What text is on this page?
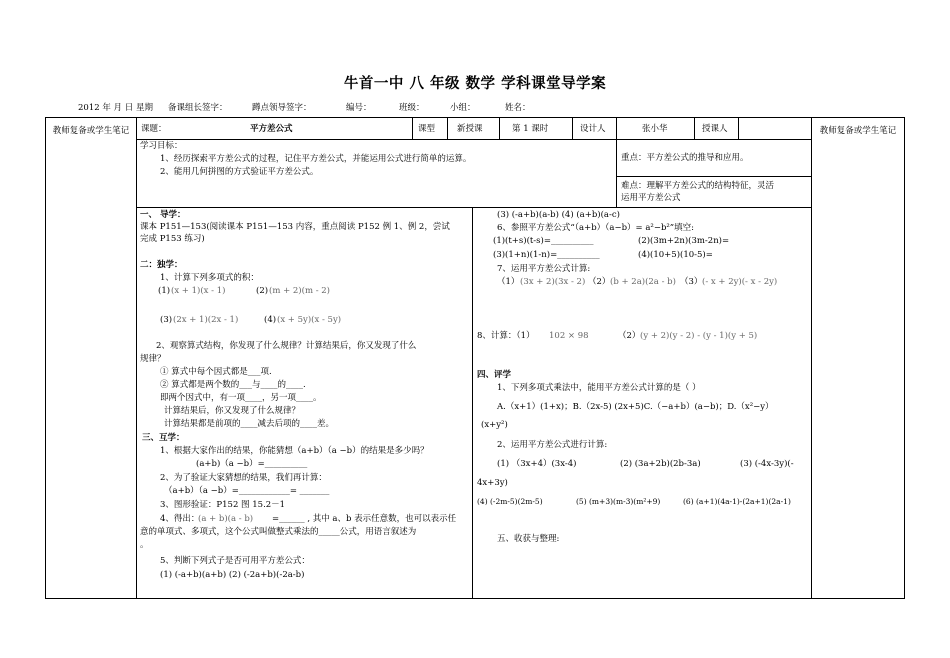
牛首一中 八 年级 数学 学科课堂导学案
2012 年 月 日 星期 备课组长签字：	蹲点领导签字：	编号：	班级：	小组：	姓名：
教师复备或学生笔记	教师复备或学生笔记
课题：	平方差公式	课型	新授课	第 1 课时	设计人	张小华	授课人
学习目标：
1、经历探索平方差公式的过程，记住平方差公式，并能运用公式进行简单的运算。
2、能用几何拼图的方式验证平方差公式。
重点：平方差公式的推导和应用。
难点：理解平方差公式的结构特征，灵活
运用平方差公式
一、 导学：
课本 P151—153(阅读课本 P151—153 内容，重点阅读 P152 例 1、例 2，尝试
完成 P153 练习)
二：独学：
1、计算下列多项式的积：
(1) (x + 1)(x - 1)	(2) (m + 2)(m - 2)
(3) (2x + 1)(2x - 1)	(4) (x + 5y)(x - 5y)
2、观察算式结构，你发现了什么规律？计算结果后，你又发现了什么
规律？
① 算式中每个因式都是___项.
② 算式都是两个数的___与____的____.
即两个因式中，有一项____，另一项____。
计算结果后，你又发现了什么规律？
计算结果都是前项的____减去后项的____差。
三、互学：
1、根据大家作出的结果，你能猜想（a+b）（a −b）的结果是多少吗？
(a+b)（a −b）=__________
2、为了验证大家猜想的结果，我们再计算：
（a+b）（a −b）=____________= _______
3、图形验证：P152 图 15.2－1
4、得出：
(a + b)(a - b) =______ , 其中 a、b 表示任意数，也可以表示任
意的单项式、多项式，这个公式叫做整式乘法的_____公式，用语言叙述为
。
5、判断下列式子是否可用平方差公式：
(1) (-a+b)(a+b) (2) (-2a+b)(-2a-b)
(3) (-a+b)(a-b) (4) (a+b)(a-c)
6、参照平方差公式“（a+b）（a−b）= a²−b²”填空:
(1)(t+s)(t-s)=__________	(2)(3m+2n)(3m-2n)=
(3)(1+n)(1-n)=__________	(4)(10+5)(10-5)=
7、运用平方差公式计算:
（1） (3x + 2)(3x - 2) （2） (b + 2a)(2a - b) （3） (- x + 2y)(- x - 2y)
8、计算：（1） 102 × 98	（2） (y + 2)(y - 2) - (y - 1)(y + 5)
四、评学
1、下列多项式乘法中，能用平方差公式计算的是（ ）
A.（x+1）(1+x)；B.（2x-5) (2x+5)C.（−a+b）(a−b)；D.（x²−y）
(x+y²)
2、运用平方差公式进行计算:
(1) （3x+4）(3x-4)	(2) (3a+2b)(2b-3a)	(3) (-4x-3y)(-
4x+3y)
(4) (-2m-5)(2m-5)	(5) (m+3)(m-3)(m²+9)	(6) (a+1)(4a-1)-(2a+1)(2a-1)
五、收获与整理:
